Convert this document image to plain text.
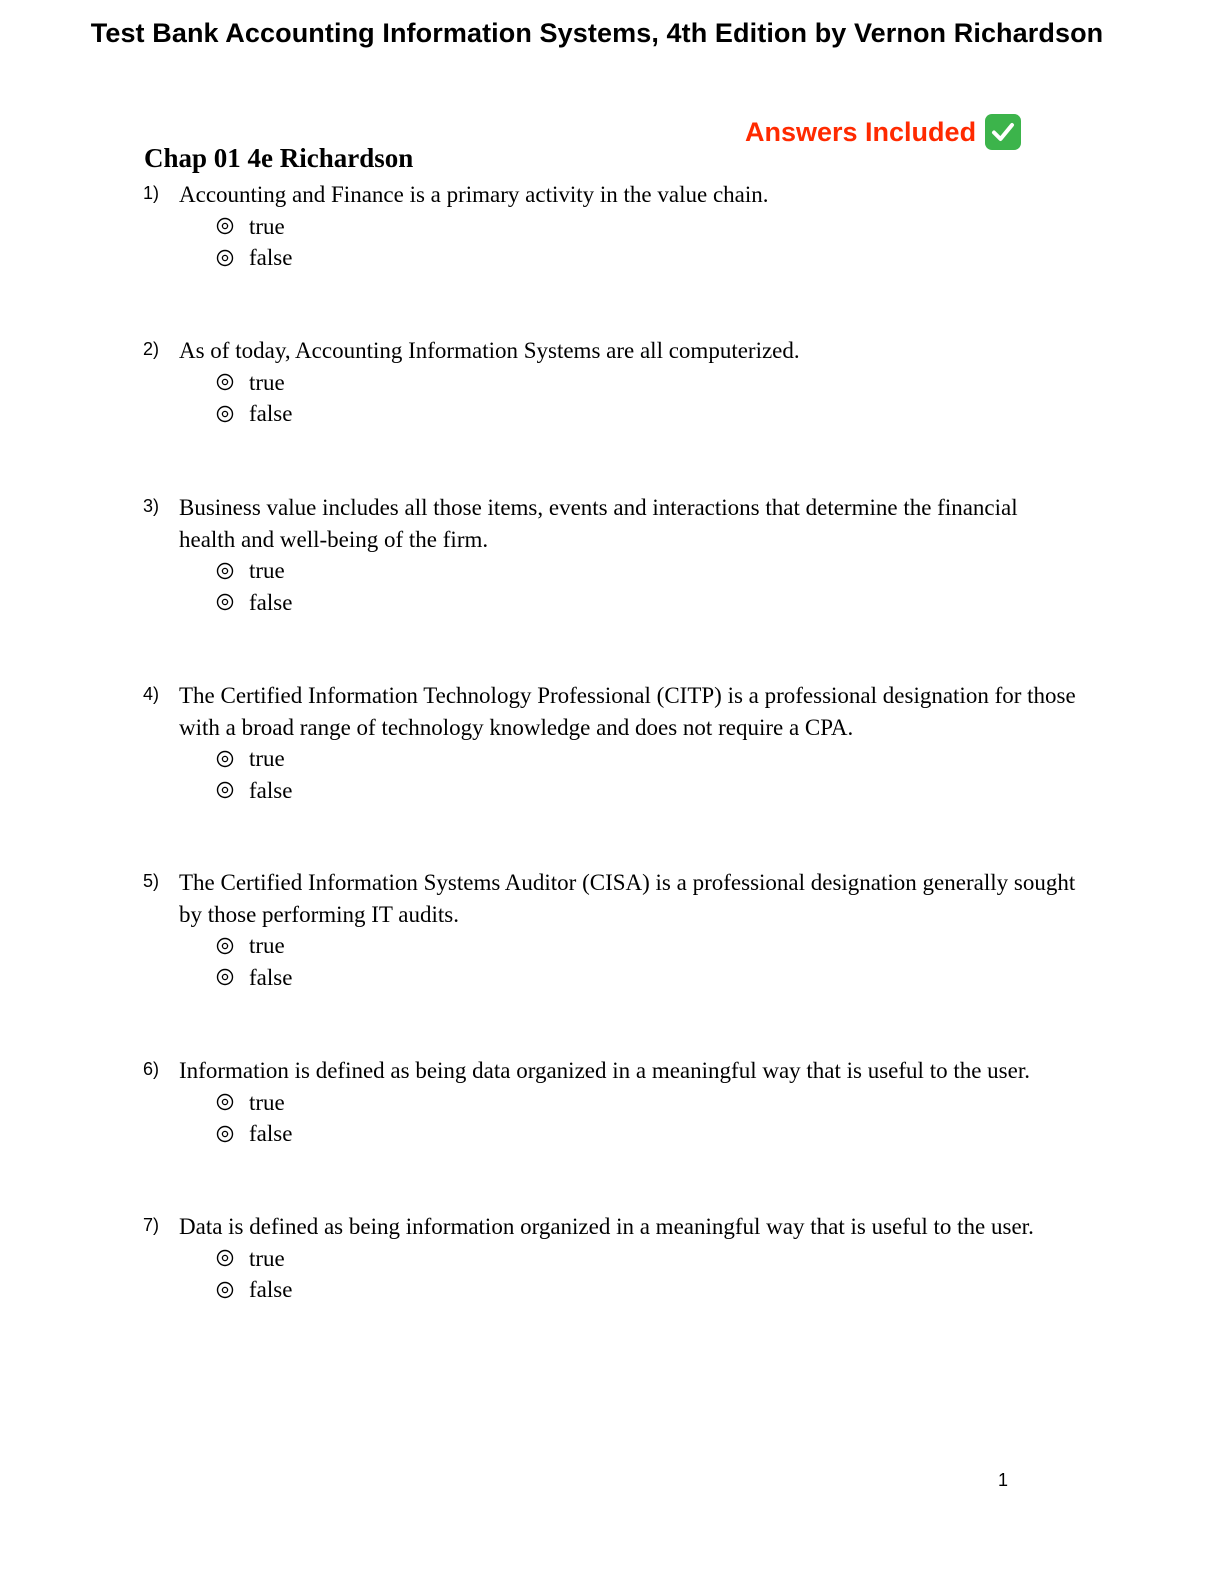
Test Bank Accounting Information Systems, 4th Edition by Vernon Richardson
Answers Included
Chap 01 4e Richardson
1) Accounting and Finance is a primary activity in the value chain.
true
false
2) As of today, Accounting Information Systems are all computerized.
true
false
3) Business value includes all those items, events and interactions that determine the financial health and well-being of the firm.
true
false
4) The Certified Information Technology Professional (CITP) is a professional designation for those with a broad range of technology knowledge and does not require a CPA.
true
false
5) The Certified Information Systems Auditor (CISA) is a professional designation generally sought by those performing IT audits.
true
false
6) Information is defined as being data organized in a meaningful way that is useful to the user.
true
false
7) Data is defined as being information organized in a meaningful way that is useful to the user.
true
false
1
